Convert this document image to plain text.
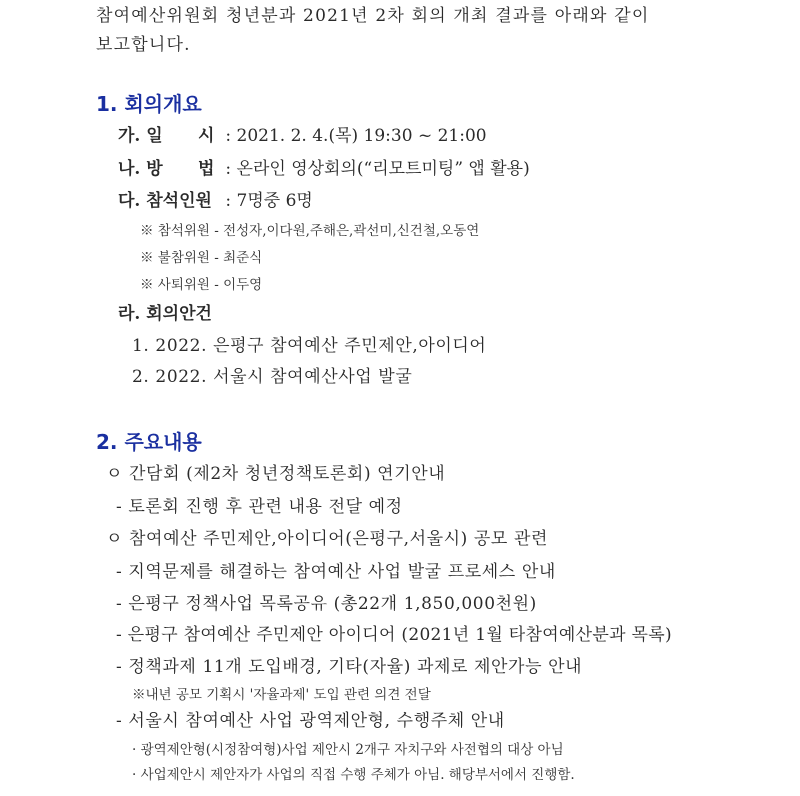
참여예산위원회 청년분과 2021년 2차 회의 개최 결과를 아래와 같이
보고합니다.
1. 회의개요
가. 일 시 : 2021. 2. 4.(목) 19:30 ~ 21:00
나. 방 법 : 온라인 영상회의(“리모트미팅” 앱 활용)
다. 참석인원 : 7명중 6명
※ 참석위원 - 전성자,이다원,주해은,곽선미,신건철,오동연
※ 불참위원 - 최준식
※ 사퇴위원 - 이두영
라. 회의안건
1. 2022. 은평구 참여예산 주민제안,아이디어
2. 2022. 서울시 참여예산사업 발굴
2. 주요내용
ㅇ 간담회 (제2차 청년정책토론회) 연기안내
- 토론회 진행 후 관련 내용 전달 예정
ㅇ 참여예산 주민제안,아이디어(은평구,서울시) 공모 관련
- 지역문제를 해결하는 참여예산 사업 발굴 프로세스 안내
- 은평구 정책사업 목록공유 (총22개 1,850,000천원)
- 은평구 참여예산 주민제안 아이디어 (2021년 1월 타참여예산분과 목록)
- 정책과제 11개 도입배경, 기타(자율) 과제로 제안가능 안내
※내년 공모 기획시 '자율과제' 도입 관련 의견 전달
- 서울시 참여예산 사업 광역제안형, 수행주체 안내
· 광역제안형(시정참여형)사업 제안시 2개구 자치구와 사전협의 대상 아님
· 사업제안시 제안자가 사업의 직접 수행 주체가 아님. 해당부서에서 진행함.
